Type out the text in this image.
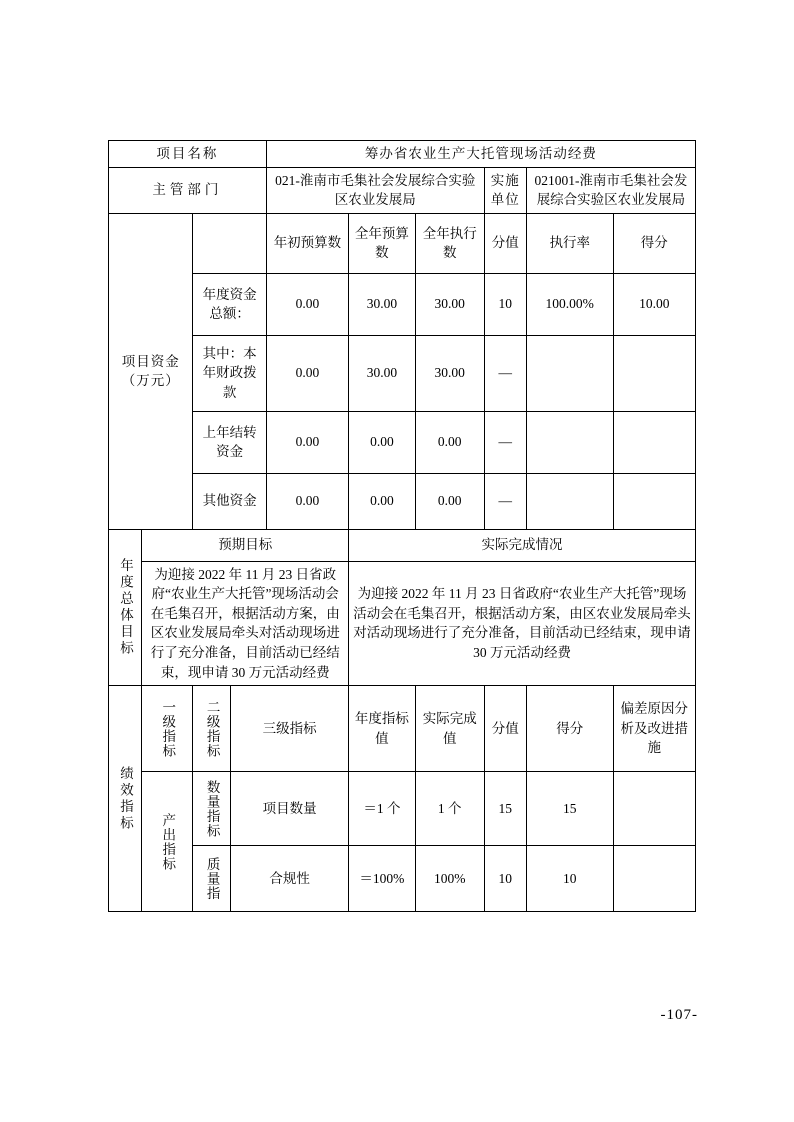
项目名称				筹办省农业生产大托管现场活动经费					
主管部门				021-淮南市毛集社会发展综合实验区农业发展局			实施单位	021001-淮南市毛集社会发展综合实验区农业发展局	
项目资金（万元）				年初预算数	全年预算数	全年执行数	分值	执行率	得分
		年度资金总额：		0.00	30.00	30.00	10	100.00%	10.00
		其中：本年财政拨款		0.00	30.00	30.00	—		
		上年结转资金		0.00	0.00	0.00	—		
		其他资金		0.00	0.00	0.00	—		
年度总体目标	预期目标				实际完成情况				
	为迎接 2022 年 11 月 23 日省政府“农业生产大托管”现场活动会在毛集召开，根据活动方案，由区农业发展局牵头对活动现场进行了充分准备，目前活动已经结束，现申请 30 万元活动经费				为迎接 2022 年 11 月 23 日省政府“农业生产大托管”现场活动会在毛集召开，根据活动方案，由区农业发展局牵头对活动现场进行了充分准备，目前活动已经结束，现申请 30 万元活动经费				
绩效指标	一级指标	二级指标	三级指标		年度指标值	实际完成值	分值	得分	偏差原因分析及改进措施
	产出指标	数量指标	项目数量		＝1 个	1 个	15	15	
		质量指	合规性		＝100%	100%	10	10	
-107-
